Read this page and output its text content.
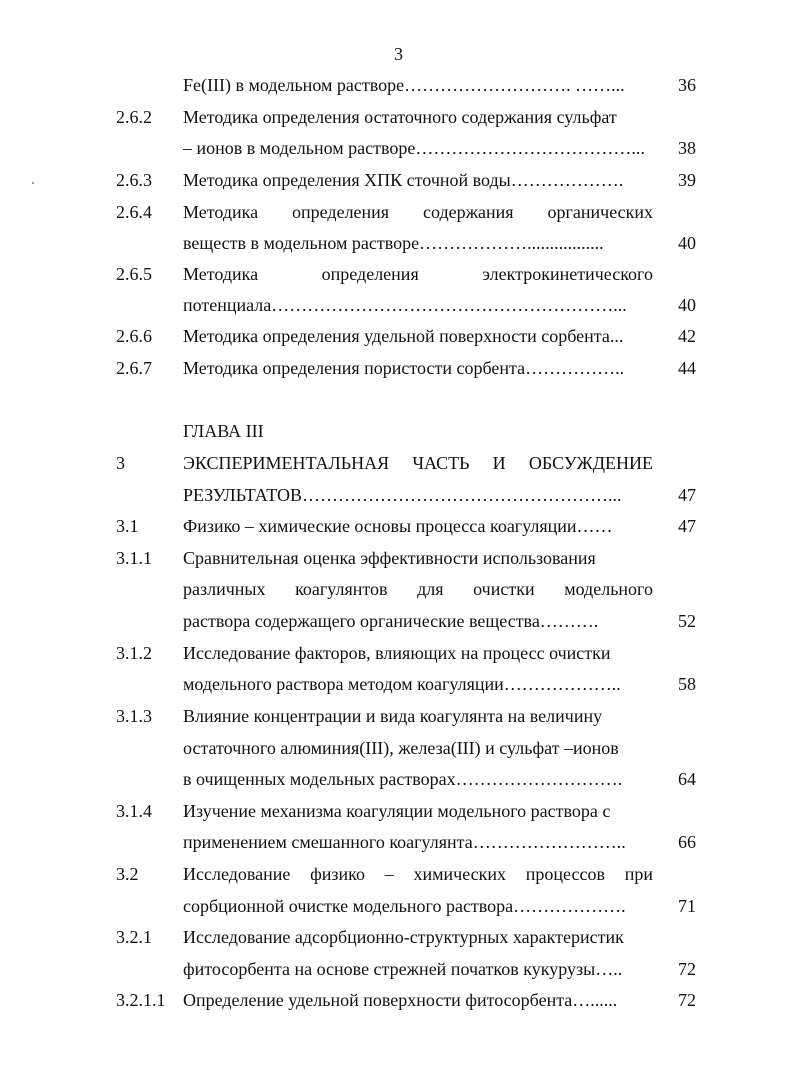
3
Fe(III) в модельном растворе………………………. ……...	36
2.6.2 Методика определения остаточного содержания сульфат
– ионов в модельном растворе………………………………...	38
2.6.3 Методика определения ХПК сточной воды……………….	39
2.6.4 Методика определения содержания органических
веществ в модельном растворе……………….................	40
2.6.5 Методика	определения	электрокинетического
потенциала…………………………………………………...	40
2.6.6 Методика определения удельной поверхности сорбента...	42
2.6.7 Методика определения пористости сорбента……………..	44
ГЛАВА III
3	ЭКСПЕРИМЕНТАЛЬНАЯ ЧАСТЬ И ОБСУЖДЕНИЕ
РЕЗУЛЬТАТОВ……………………………………………...	47
3.1 Физико – химические основы процесса коагуляции……	47
3.1.1 Сравнительная оценка эффективности использования
различных коагулянтов для очистки модельного
раствора содержащего органические вещества……….	52
3.1.2 Исследование факторов, влияющих на процесс очистки
модельного раствора методом коагуляции………………..	58
3.1.3 Влияние концентрации и вида коагулянта на величину
остаточного алюминия(III), железа(III) и сульфат –ионов
в очищенных модельных растворах……………………….	64
3.1.4 Изучение механизма коагуляции модельного раствора с
применением смешанного коагулянта……………………..	66
3.2 Исследование физико – химических процессов при
сорбционной очистке модельного раствора……………….	71
3.2.1 Исследование адсорбционно-структурных характеристик
фитосорбента на основе стрежней початков кукурузы…..	72
3.2.1.1 Определение удельной поверхности фитосорбента…......	72
